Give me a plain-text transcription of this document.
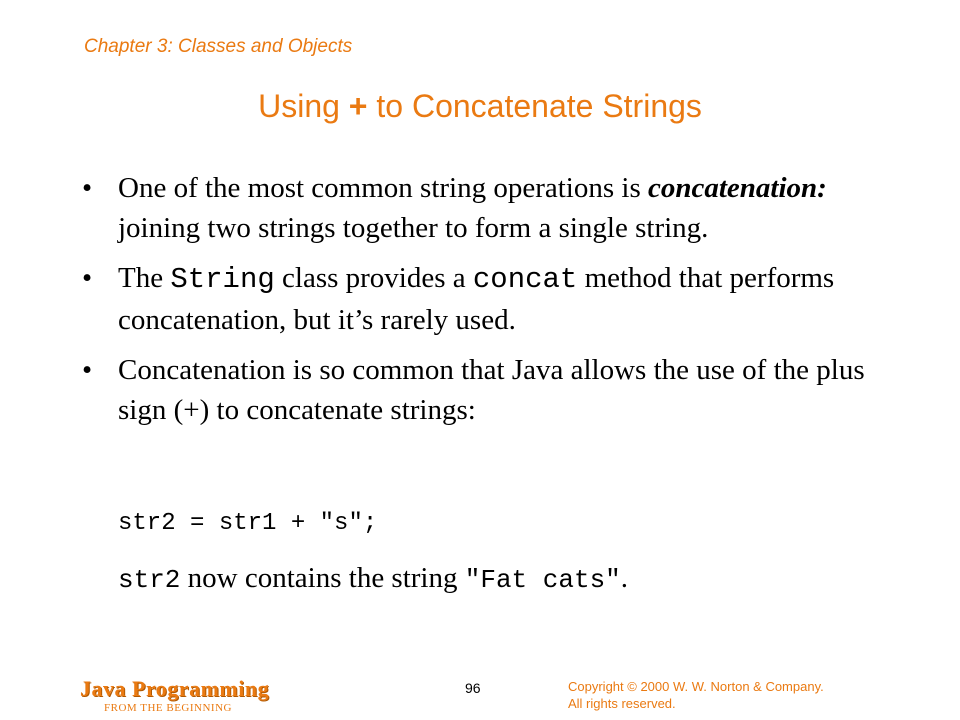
Chapter 3: Classes and Objects
Using + to Concatenate Strings
• One of the most common string operations is concatenation: joining two strings together to form a single string.
• The String class provides a concat method that performs concatenation, but it’s rarely used.
• Concatenation is so common that Java allows the use of the plus sign (+) to concatenate strings:
str2 = str1 + "s";
str2 now contains the string "Fat cats".
Java Programming
FROM THE BEGINNING
96	Copyright © 2000 W. W. Norton & Company.
All rights reserved.
